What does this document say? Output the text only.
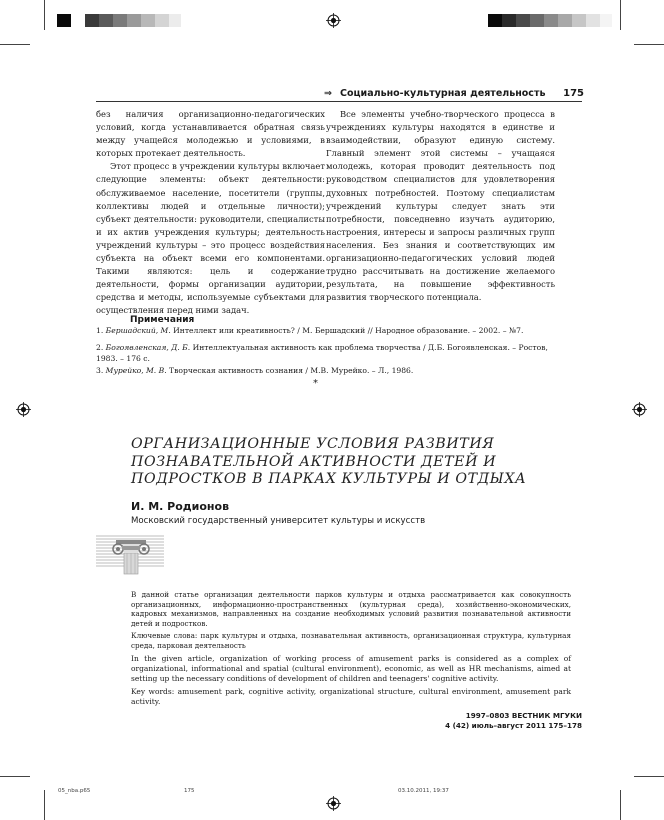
⇒ Социально-культурная деятельность 175

без наличия организационно-педагогических условий, когда устанавливается обратная связь между учащейся молодежью и условиями, в которых протекает деятельность.

Этот процесс в учреждении культуры включает следующие элементы: объект деятельности: обслуживаемое население, посетители (группы, коллективы людей и отдельные личности); субъект деятельности: руководители, специалисты и их актив учреждения культуры; деятельность учреждений культуры – это процесс воздействия субъекта на объект всеми его компонентами. Такими являются: цель и содержание деятельности, формы организации аудитории, средства и методы, используемые субъектами для осуществления перед ними задач.

Все элементы учебно-творческого процесса в учреждениях культуры находятся в единстве и взаимодействии, образуют единую систему. Главный элемент этой системы – учащаяся молодежь, которая проводит деятельность под руководством специалистов для удовлетворения духовных потребностей. Поэтому специалистам учреждений культуры следует знать эти потребности, повседневно изучать аудиторию, настроения, интересы и запросы различных групп населения. Без знания и соответствующих им организационно-педагогических условий людей трудно рассчитывать на достижение желаемого результата, на повышение эффективность развития творческого потенциала.

Примечания
1. Бершадский, М. Интеллект или креативность? / М. Бершадский // Народное образование. – 2002. – №7.
2. Богоявленская, Д. Б. Интеллектуальная активность как проблема творчества / Д.Б. Богоявленская. – Ростов, 1983. – 176 с.
3. Мурейко, М. В. Творческая активность сознания / М.В. Мурейко. – Л., 1986.
*
ОРГАНИЗАЦИОННЫЕ УСЛОВИЯ РАЗВИТИЯ
ПОЗНАВАТЕЛЬНОЙ АКТИВНОСТИ ДЕТЕЙ И
ПОДРОСТКОВ В ПАРКАХ КУЛЬТУРЫ И ОТДЫХА
И. М. Родионов
Московский государственный университет культуры и искусств

В данной статье организация деятельности парков культуры и отдыха рассматривается как совокупность организационных, информационно-пространственных (культурная среда), хозяйственно-экономических, кадровых механизмов, направленных на создание необходимых условий развития познавательной активности детей и подростков.

Ключевые слова: парк культуры и отдыха, познавательная активность, организационная структура, культурная среда, парковая деятельность

In the given article, organization of working process of amusement parks is considered as a complex of organizational, informational and spatial (cultural environment), economic, as well as HR mechanisms, aimed at setting up the necessary conditions of development of children and teenagers' cognitive activity.

Key words: amusement park, cognitive activity, organizational structure, cultural environment, amusement park activity.

1997–0803 ВЕСТНИК МГУКИ
4 (42) июль–август 2011 175–178
05_nba.p65	175	03.10.2011, 19:37
